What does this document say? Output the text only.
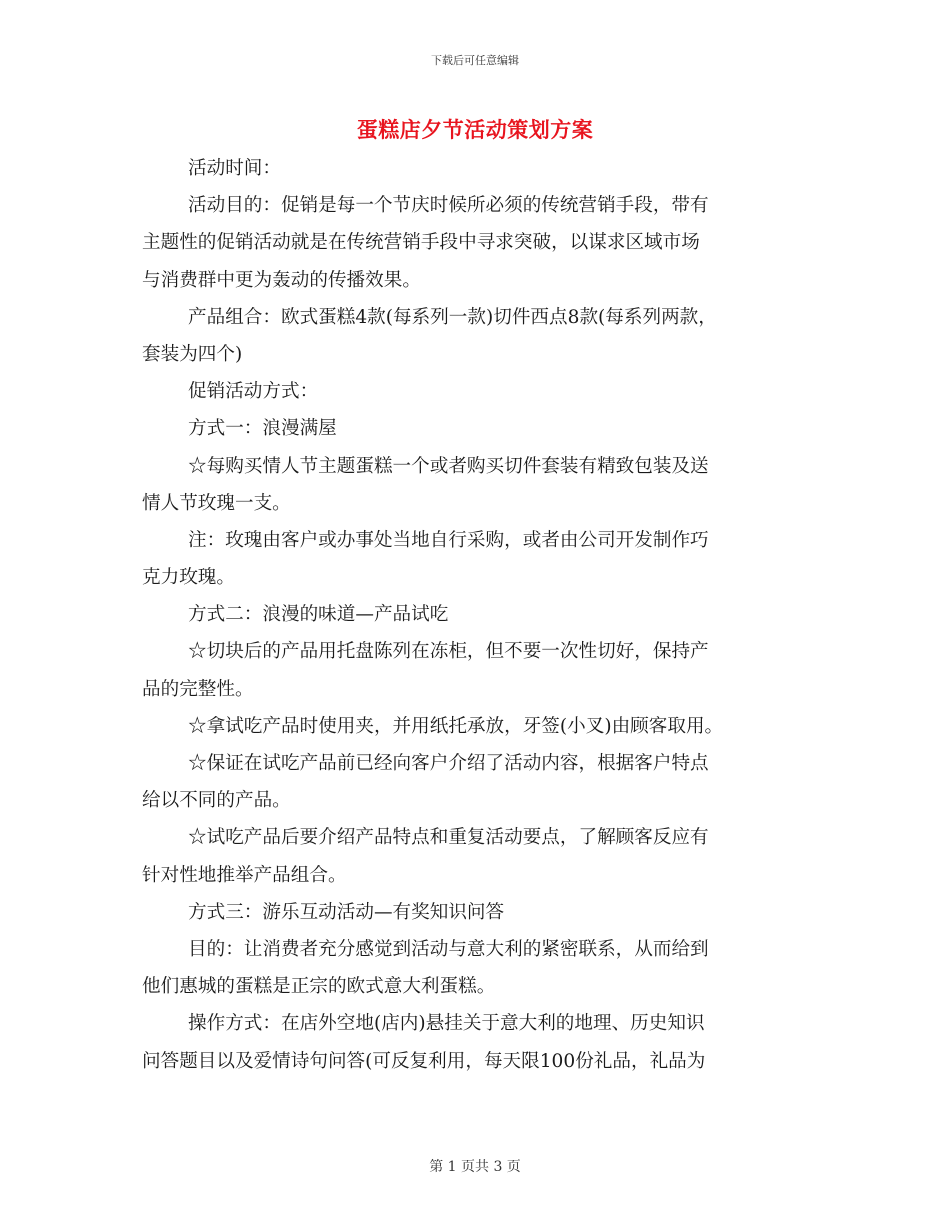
下载后可任意编辑
蛋糕店夕节活动策划方案
活动时间：
活动目的：促销是每一个节庆时候所必须的传统营销手段，带有
主题性的促销活动就是在传统营销手段中寻求突破，以谋求区域市场
与消费群中更为轰动的传播效果。
产品组合：欧式蛋糕4款(每系列一款)切件西点8款(每系列两款，
套装为四个)
促销活动方式：
方式一：浪漫满屋
☆每购买情人节主题蛋糕一个或者购买切件套装有精致包装及送
情人节玫瑰一支。
注：玫瑰由客户或办事处当地自行采购，或者由公司开发制作巧
克力玫瑰。
方式二：浪漫的味道—产品试吃
☆切块后的产品用托盘陈列在冻柜，但不要一次性切好，保持产
品的完整性。
☆拿试吃产品时使用夹，并用纸托承放，牙签(小叉)由顾客取用。
☆保证在试吃产品前已经向客户介绍了活动内容，根据客户特点
给以不同的产品。
☆试吃产品后要介绍产品特点和重复活动要点，了解顾客反应有
针对性地推举产品组合。
方式三：游乐互动活动—有奖知识问答
目的：让消费者充分感觉到活动与意大利的紧密联系，从而给到
他们惠城的蛋糕是正宗的欧式意大利蛋糕。
操作方式：在店外空地(店内)悬挂关于意大利的地理、历史知识
问答题目以及爱情诗句问答(可反复利用，每天限100份礼品，礼品为
第 1 页共 3 页
